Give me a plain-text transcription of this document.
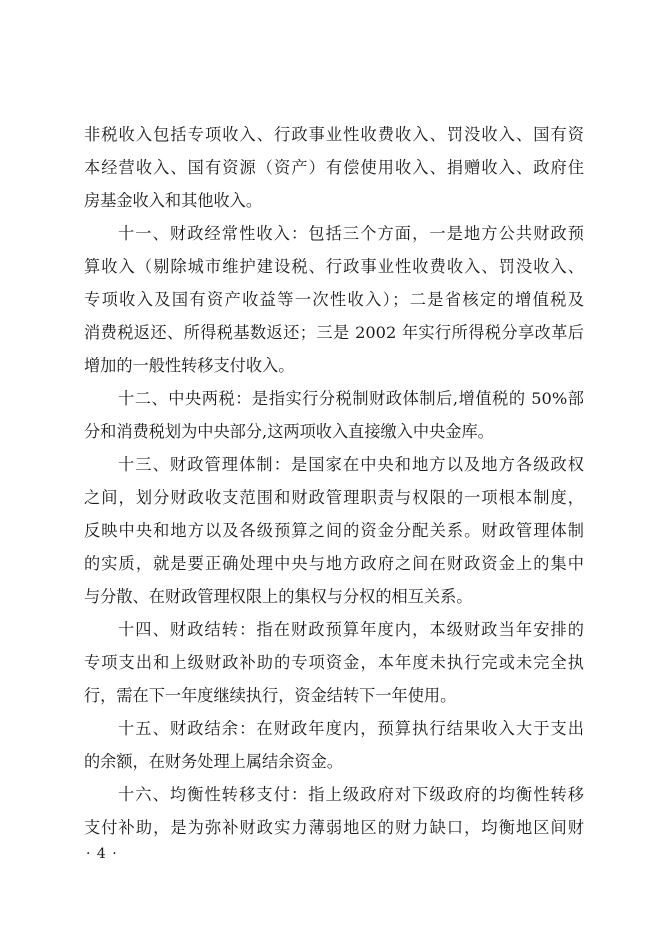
非税收入包括专项收入、行政事业性收费收入、罚没收入、国有资
本经营收入、国有资源（资产）有偿使用收入、捐赠收入、政府住
房基金收入和其他收入。
十一、财政经常性收入：包括三个方面，一是地方公共财政预
算收入（剔除城市维护建设税、行政事业性收费收入、罚没收入、
专项收入及国有资产收益等一次性收入）；二是省核定的增值税及
消费税返还、所得税基数返还；三是 2002 年实行所得税分享改革后
增加的一般性转移支付收入。
十二、中央两税：是指实行分税制财政体制后,增值税的 50%部
分和消费税划为中央部分,这两项收入直接缴入中央金库。
十三、财政管理体制：是国家在中央和地方以及地方各级政权
之间，划分财政收支范围和财政管理职责与权限的一项根本制度，
反映中央和地方以及各级预算之间的资金分配关系。财政管理体制
的实质，就是要正确处理中央与地方政府之间在财政资金上的集中
与分散、在财政管理权限上的集权与分权的相互关系。
十四、财政结转：指在财政预算年度内，本级财政当年安排的
专项支出和上级财政补助的专项资金，本年度未执行完或未完全执
行，需在下一年度继续执行，资金结转下一年使用。
十五、财政结余：在财政年度内，预算执行结果收入大于支出
的余额，在财务处理上属结余资金。
十六、均衡性转移支付：指上级政府对下级政府的均衡性转移
支付补助，是为弥补财政实力薄弱地区的财力缺口，均衡地区间财
· 4 ·
